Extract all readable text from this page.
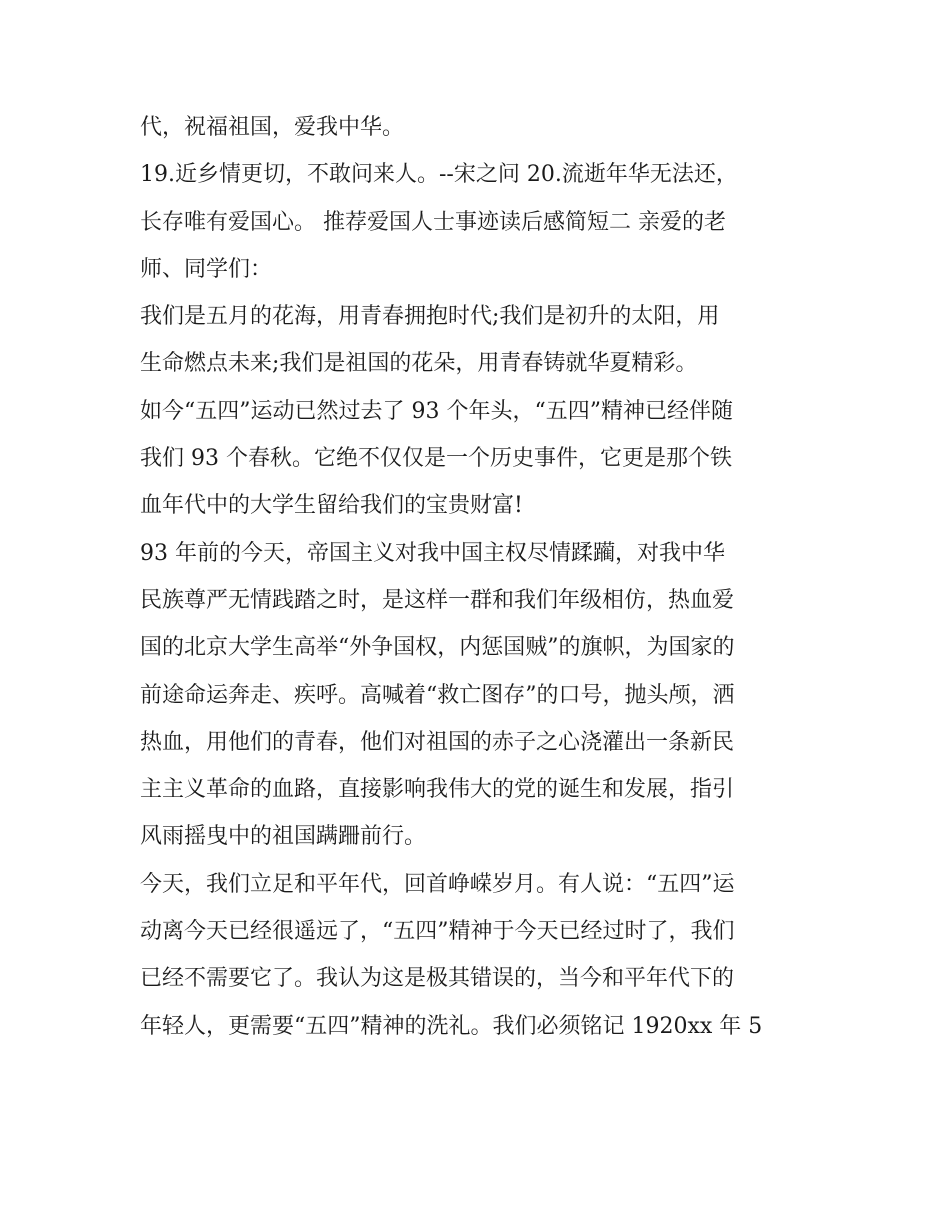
代，祝福祖国，爱我中华。
19.近乡情更切，不敢问来人。--宋之问 20.流逝年华无法还，
长存唯有爱国心。 推荐爱国人士事迹读后感简短二 亲爱的老
师、同学们：
我们是五月的花海，用青春拥抱时代;我们是初升的太阳，用
生命燃点未来;我们是祖国的花朵，用青春铸就华夏精彩。
如今“五四”运动已然过去了 93 个年头，“五四”精神已经伴随
我们 93 个春秋。它绝不仅仅是一个历史事件，它更是那个铁
血年代中的大学生留给我们的宝贵财富!
93 年前的今天，帝国主义对我中国主权尽情蹂躏，对我中华
民族尊严无情践踏之时，是这样一群和我们年级相仿，热血爱
国的北京大学生高举“外争国权，内惩国贼”的旗帜，为国家的
前途命运奔走、疾呼。高喊着“救亡图存”的口号，抛头颅，洒
热血，用他们的青春，他们对祖国的赤子之心浇灌出一条新民
主主义革命的血路，直接影响我伟大的党的诞生和发展，指引
风雨摇曳中的祖国蹒跚前行。
今天，我们立足和平年代，回首峥嵘岁月。有人说：“五四”运
动离今天已经很遥远了，“五四”精神于今天已经过时了，我们
已经不需要它了。我认为这是极其错误的，当今和平年代下的
年轻人，更需要“五四”精神的洗礼。我们必须铭记 1920xx 年 5
